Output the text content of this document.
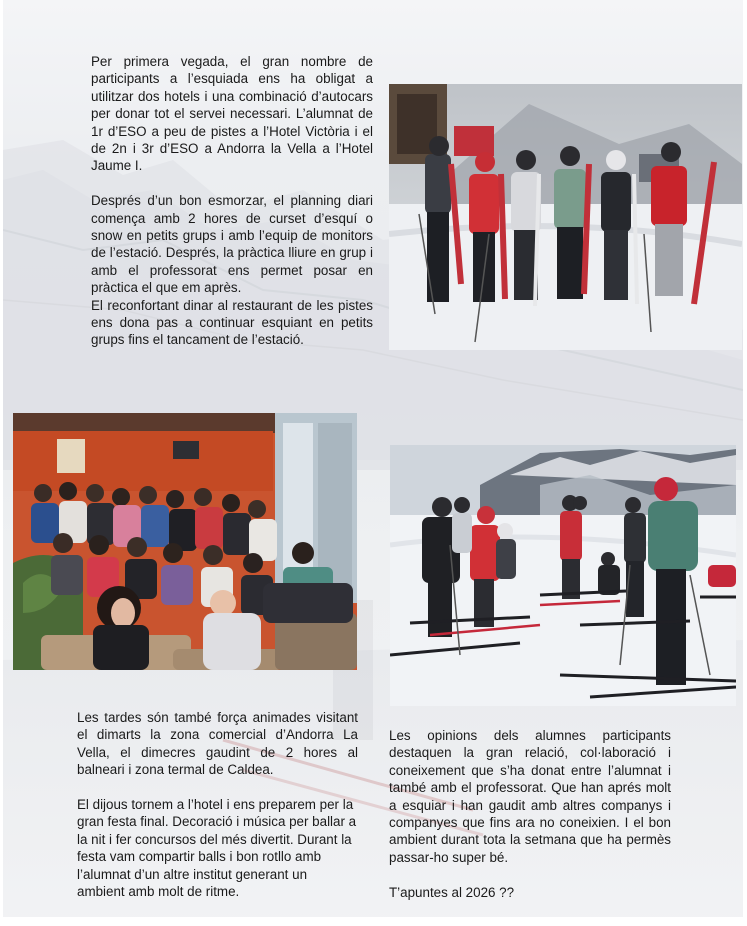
Per primera vegada, el gran nombre de participants a l’esquiada ens ha obligat a utilitzar dos hotels i una combinació d’autocars per donar tot el servei necessari. L’alumnat de 1r d’ESO a peu de pistes a l’Hotel Victòria i el de 2n i 3r d’ESO a Andorra la Vella a l’Hotel Jaume I.

Després d’un bon esmorzar, el planning diari comença amb 2 hores de curset d’esquí o snow en petits grups i amb l’equip de monitors de l’estació. Després, la pràctica lliure en grup i amb el professorat ens permet posar en pràctica el que em après.

El reconfortant dinar al restaurant de les pistes ens dona pas a continuar esquiant en petits grups fins el tancament de l’estació.

Les tardes són també força animades visitant el dimarts la zona comercial d’Andorra La Vella, el dimecres gaudint de 2 hores al balneari i zona termal de Caldea.

El dijous tornem a l’hotel i ens preparem per la gran festa final. Decoració i música per ballar a la nit i fer concursos del més divertit. Durant la festa vam compartir balls i bon rotllo amb l’alumnat d’un altre institut generant un ambient amb molt de ritme.

Les opinions dels alumnes participants destaquen la gran relació, col·laboració i coneixement que s’ha donat entre l’alumnat i també amb el professorat. Que han aprés molt a esquiar i han gaudit amb altres companys i companyes que fins ara no coneixien. I el bon ambient durant tota la setmana que ha permès passar-ho super bé.

T’apuntes al 2026 ??
